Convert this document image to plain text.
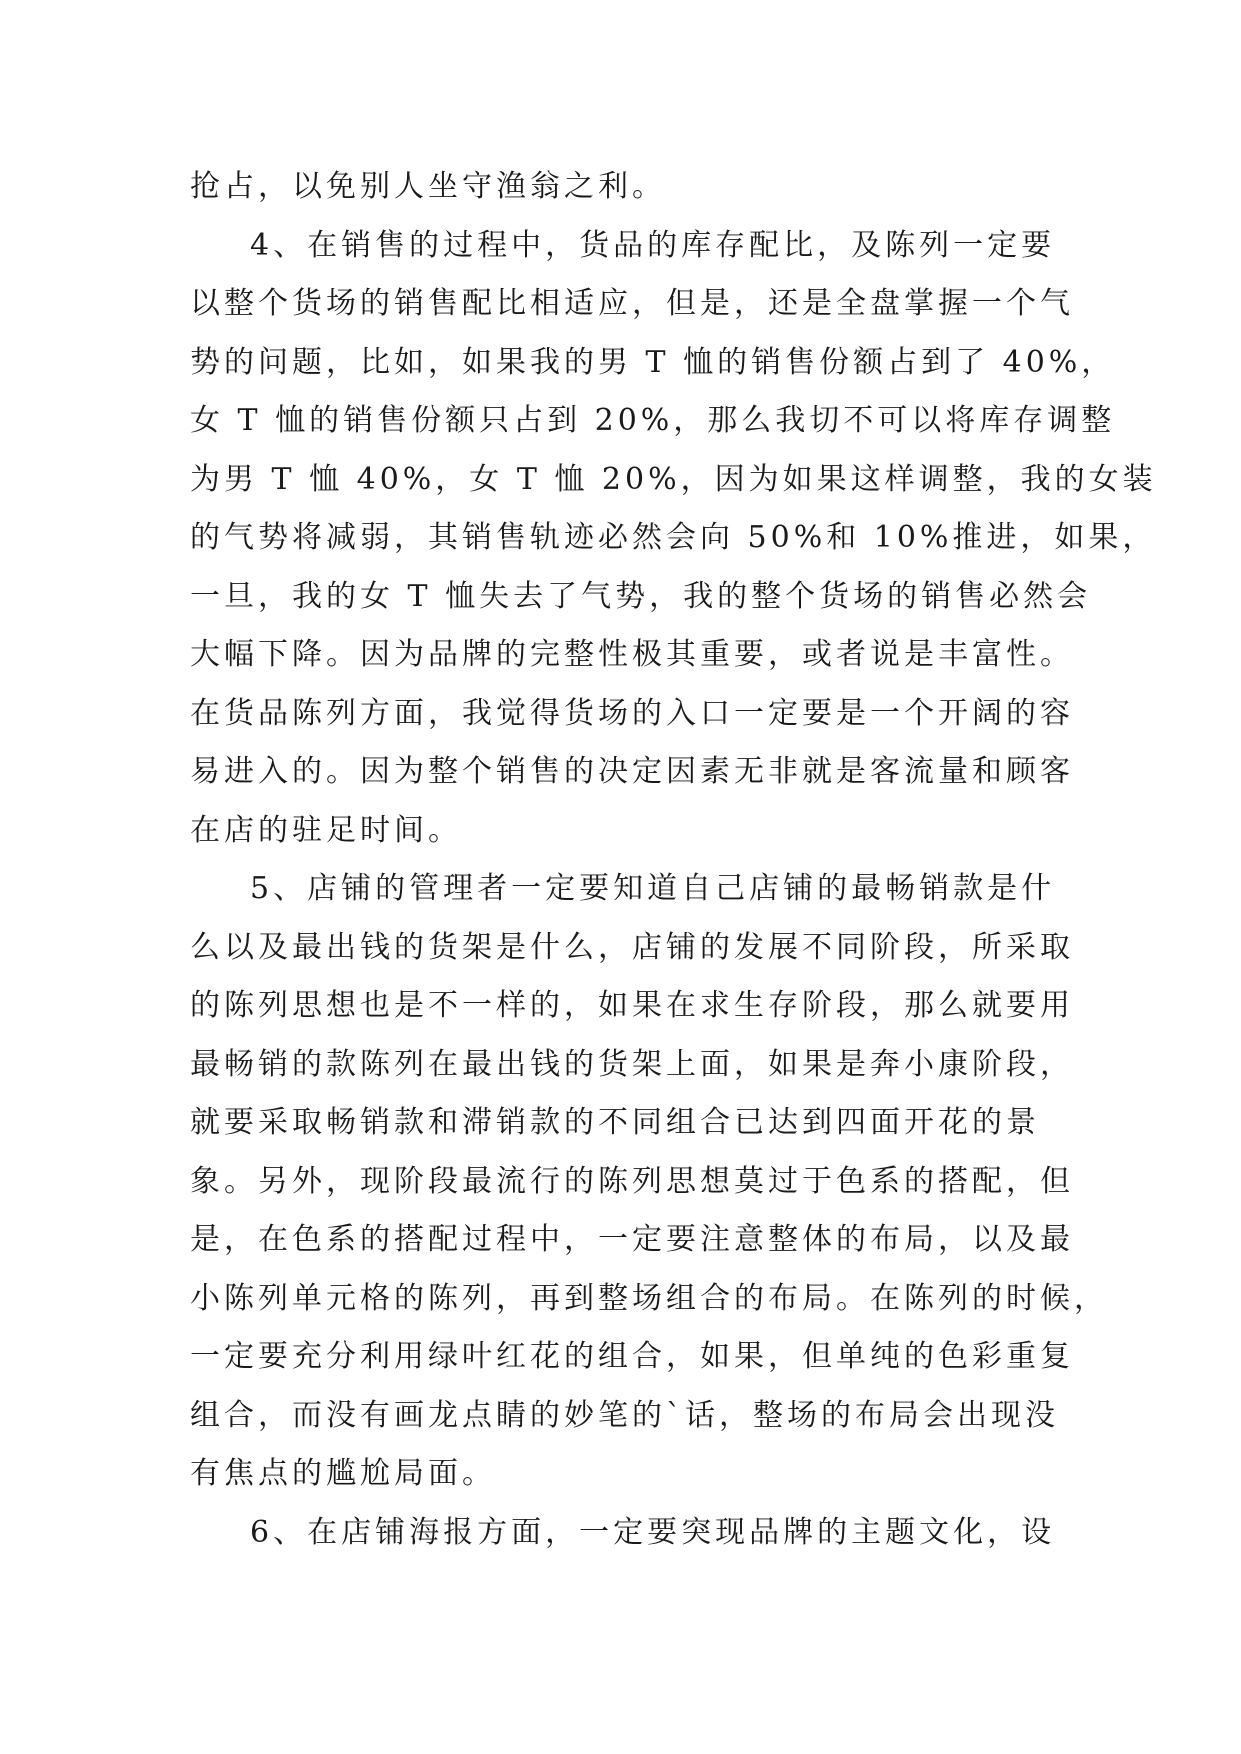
抢占，以免别人坐守渔翁之利。
4、在销售的过程中，货品的库存配比，及陈列一定要
以整个货场的销售配比相适应，但是，还是全盘掌握一个气
势的问题，比如，如果我的男 T 恤的销售份额占到了 40%，
女 T 恤的销售份额只占到 20%，那么我切不可以将库存调整
为男 T 恤 40%，女 T 恤 20%，因为如果这样调整，我的女装
的气势将减弱，其销售轨迹必然会向 50%和 10%推进，如果，
一旦，我的女 T 恤失去了气势，我的整个货场的销售必然会
大幅下降。因为品牌的完整性极其重要，或者说是丰富性。
在货品陈列方面，我觉得货场的入口一定要是一个开阔的容
易进入的。因为整个销售的决定因素无非就是客流量和顾客
在店的驻足时间。
5、店铺的管理者一定要知道自己店铺的最畅销款是什
么以及最出钱的货架是什么，店铺的发展不同阶段，所采取
的陈列思想也是不一样的，如果在求生存阶段，那么就要用
最畅销的款陈列在最出钱的货架上面，如果是奔小康阶段，
就要采取畅销款和滞销款的不同组合已达到四面开花的景
象。另外，现阶段最流行的陈列思想莫过于色系的搭配，但
是，在色系的搭配过程中，一定要注意整体的布局，以及最
小陈列单元格的陈列，再到整场组合的布局。在陈列的时候，
一定要充分利用绿叶红花的组合，如果，但单纯的色彩重复
组合，而没有画龙点睛的妙笔的`话，整场的布局会出现没
有焦点的尴尬局面。
6、在店铺海报方面，一定要突现品牌的主题文化，设
